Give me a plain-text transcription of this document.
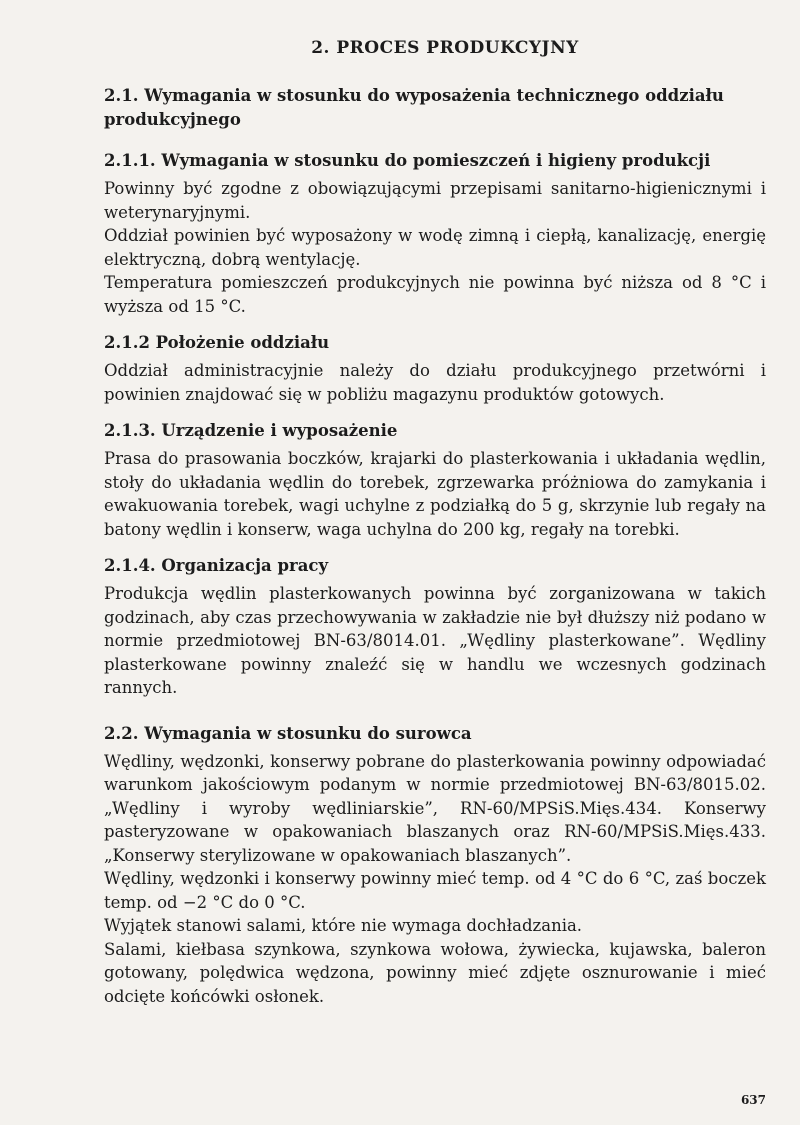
2. PROCES PRODUKCYJNY
2.1. Wymagania w stosunku do wyposażenia technicznego oddziału produkcyjnego
2.1.1. Wymagania w stosunku do pomieszczeń i higieny produkcji

Powinny być zgodne z obowiązującymi przepisami sanitarno-higienicznymi i weterynaryjnymi.

Oddział powinien być wyposażony w wodę zimną i ciepłą, kanalizację, energię elektryczną, dobrą wentylację.

Temperatura pomieszczeń produkcyjnych nie powinna być niższa od 8 °C i wyższa od 15 °C.

2.1.2 Położenie oddziału

Oddział administracyjnie należy do działu produkcyjnego przetwórni i powinien znajdować się w pobliżu magazynu produktów gotowych.

2.1.3. Urządzenie i wyposażenie

Prasa do prasowania boczków, krajarki do plasterkowania i układania wędlin, stoły do układania wędlin do torebek, zgrzewarka próżniowa do zamykania i ewakuowania torebek, wagi uchylne z podziałką do 5 g, skrzynie lub regały na batony wędlin i konserw, waga uchylna do 200 kg, regały na torebki.

2.1.4. Organizacja pracy

Produkcja wędlin plasterkowanych powinna być zorganizowana w takich godzinach, aby czas przechowywania w zakładzie nie był dłuższy niż podano w normie przedmiotowej BN-63/8014.01. „Wędliny plasterkowane”. Wędliny plasterkowane powinny znaleźć się w handlu we wczesnych godzinach rannych.

2.2. Wymagania w stosunku do surowca

Wędliny, wędzonki, konserwy pobrane do plasterkowania powinny odpowiadać warunkom jakościowym podanym w normie przedmiotowej BN-63/8015.02. „Wędliny i wyroby wędliniarskie”, RN-60/MPSiS.Mięs.434. Konserwy pasteryzowane w opakowaniach blaszanych oraz RN-60/MPSiS.Mięs.433. „Konserwy sterylizowane w opakowaniach blaszanych”.

Wędliny, wędzonki i konserwy powinny mieć temp. od 4 °C do 6 °C, zaś boczek temp. od −2 °C do 0 °C.

Wyjątek stanowi salami, które nie wymaga dochładzania.

Salami, kiełbasa szynkowa, szynkowa wołowa, żywiecka, kujawska, baleron gotowany, polędwica wędzona, powinny mieć zdjęte osznurowanie i mieć odcięte końcówki osłonek.

637
